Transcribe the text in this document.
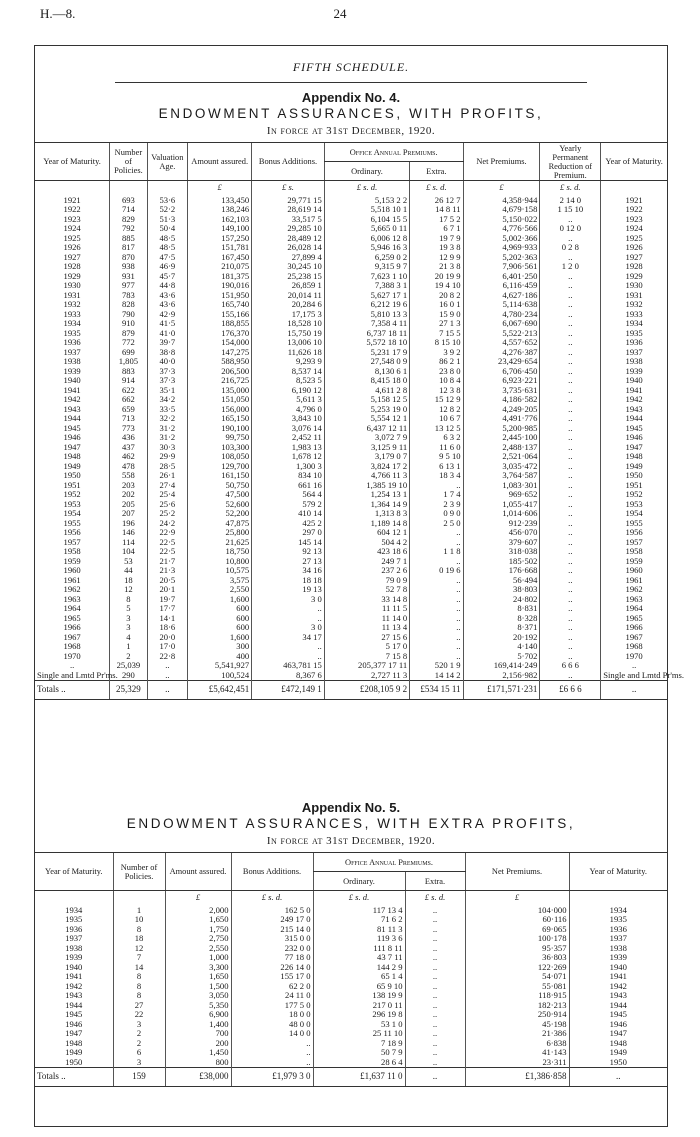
H.—8.	24
FIFTH SCHEDULE.
Appendix No. 4.
ENDOWMENT ASSURANCES, WITH PROFITS,
In force at 31st December, 1920.
Year of Maturity.	Number of Policies.	Valuation Age.	Amount assured.	Bonus Additions.	Office Annual Premiums.		Net Premiums.	Yearly Permanent Reduction of Premium.	Year of Maturity.
					Ordinary.	Extra.			
			£	£ s.	£ s. d.	£ s. d.	£	£ s. d.	
1921	693	53·6	133,450	29,771 15	5,153 2 2	26 12 7	4,358·944	2 14 0	1921
1922	714	52·2	138,246	28,619 14	5,518 10 1	14 8 11	4,679·158	1 15 10	1922
1923	829	51·3	162,103	33,517 5	6,104 15 5	17 5 2	5,150·022	..	1923
1924	792	50·4	149,100	29,285 10	5,665 0 11	6 7 1	4,776·566	0 12 0	1924
1925	885	48·5	157,250	28,489 12	6,006 12 8	19 7 9	5,002·366	..	1925
1926	817	48·5	151,781	26,028 14	5,946 16 3	19 3 8	4,969·933	0 2 8	1926
1927	870	47·5	167,450	27,899 4	6,259 0 2	12 9 9	5,202·363	..	1927
1928	938	46·9	210,075	30,245 10	9,315 9 7	21 3 8	7,906·561	1 2 0	1928
1929	931	45·7	181,375	25,238 15	7,623 1 10	20 19 9	6,401·250	..	1929
1930	977	44·8	190,016	26,859 1	7,388 3 1	19 4 10	6,116·459	..	1930
1931	783	43·6	151,950	20,014 11	5,627 17 1	20 8 2	4,627·186	..	1931
1932	828	43·6	165,740	20,284 6	6,212 19 6	16 0 1	5,114·638	..	1932
1933	790	42·9	155,166	17,175 3	5,810 13 3	15 9 0	4,780·234	..	1933
1934	910	41·5	188,855	18,528 10	7,358 4 11	27 1 3	6,067·690	..	1934
1935	879	41·0	176,370	15,750 19	6,737 18 11	7 15 5	5,522·213	..	1935
1936	772	39·7	154,000	13,006 10	5,572 18 10	8 15 10	4,557·652	..	1936
1937	699	38·8	147,275	11,626 18	5,231 17 9	3 9 2	4,276·387	..	1937
1938	1,805	40·0	588,950	9,293 9	27,548 0 9	86 2 1	23,429·654	..	1938
1939	883	37·3	206,500	8,537 14	8,130 6 1	23 8 0	6,706·450	..	1939
1940	914	37·3	216,725	8,523 5	8,415 18 0	10 8 4	6,923·221	..	1940
1941	622	35·1	135,000	6,190 12	4,611 2 8	12 3 8	3,735·631	..	1941
1942	662	34·2	151,050	5,611 3	5,158 12 5	15 12 9	4,186·582	..	1942
1943	659	33·5	156,000	4,796 0	5,253 19 0	12 8 2	4,249·205	..	1943
1944	713	32·2	165,150	3,843 10	5,554 12 1	10 6 7	4,491·776	..	1944
1945	773	31·2	190,100	3,076 14	6,437 12 11	13 12 5	5,200·985	..	1945
1946	436	31·2	99,750	2,452 11	3,072 7 9	6 3 2	2,445·100	..	1946
1947	437	30·3	103,300	1,983 13	3,125 9 11	11 6 0	2,488·137	..	1947
1948	462	29·9	108,050	1,678 12	3,179 0 7	9 5 10	2,521·064	..	1948
1949	478	28·5	129,700	1,300 3	3,824 17 2	6 13 1	3,035·472	..	1949
1950	558	26·1	161,150	834 10	4,766 11 3	18 3 4	3,764·587	..	1950
1951	203	27·4	50,750	661 16	1,385 19 10	..	1,083·301	..	1951
1952	202	25·4	47,500	564 4	1,254 13 1	1 7 4	969·652	..	1952
1953	205	25·6	52,600	579 2	1,364 14 9	2 3 9	1,055·417	..	1953
1954	207	25·2	52,200	410 14	1,313 8 3	0 9 0	1,014·606	..	1954
1955	196	24·2	47,875	425 2	1,189 14 8	2 5 0	912·239	..	1955
1956	146	22·9	25,800	297 0	604 12 1	..	456·070	..	1956
1957	114	22·5	21,625	145 14	504 4 2	..	379·607	..	1957
1958	104	22·5	18,750	92 13	423 18 6	1 1 8	318·038	..	1958
1959	53	21·7	10,800	27 13	249 7 1	..	185·502	..	1959
1960	44	21·3	10,575	34 16	237 2 6	0 19 6	176·668	..	1960
1961	18	20·5	3,575	18 18	79 0 9	..	56·494	..	1961
1962	12	20·1	2,550	19 13	52 7 8	..	38·803	..	1962
1963	8	19·7	1,600	3 0	33 14 8	..	24·802	..	1963
1964	5	17·7	600	..	11 11 5	..	8·831	..	1964
1965	3	14·1	600	..	11 14 0	..	8·328	..	1965
1966	3	18·6	600	3 0	11 13 4	..	8·371	..	1966
1967	4	20·0	1,600	34 17	27 15 6	..	20·192	..	1967
1968	1	17·0	300	..	5 17 0	..	4·140	..	1968
1970	2	22·8	400	..	7 15 8	..	5·702	..	1970
..	25,039	..	5,541,927	463,781 15	205,377 17 11	520 1 9	169,414·249	6 6 6	..
Single and Lmtd Pr'ms.	290	..	100,524	8,367 6	2,727 11 3	14 14 2	2,156·982	..	Single and Lmtd Pr'ms.
Totals ..	25,329	..	£5,642,451	£472,149 1	£208,105 9 2	£534 15 11	£171,571·231	£6 6 6	..
Appendix No. 5.
ENDOWMENT ASSURANCES, WITH EXTRA PROFITS,
In force at 31st December, 1920.
Year of Maturity.	Number of Policies.	Amount assured.	Bonus Additions.	Office Annual Premiums.		Net Premiums.	Year of Maturity.
				Ordinary.	Extra.		
		£	£ s. d.	£ s. d.	£ s. d.	£	
1934	1	2,000	162 5 0	117 13 4	..	104·000	1934
1935	10	1,650	249 17 0	71 6 2	..	60·116	1935
1936	8	1,750	215 14 0	81 11 3	..	69·065	1936
1937	18	2,750	315 0 0	119 3 6	..	100·178	1937
1938	12	2,550	232 0 0	111 8 11	..	95·357	1938
1939	7	1,000	77 18 0	43 7 11	..	36·803	1939
1940	14	3,300	226 14 0	144 2 9	..	122·269	1940
1941	8	1,650	155 17 0	65 1 4	..	54·071	1941
1942	8	1,500	62 2 0	65 9 10	..	55·081	1942
1943	8	3,050	24 11 0	138 19 9	..	118·915	1943
1944	27	5,350	177 5 0	217 0 11	..	182·213	1944
1945	22	6,900	18 0 0	296 19 8	..	250·914	1945
1946	3	1,400	48 0 0	53 1 0	..	45·198	1946
1947	2	700	14 0 0	25 11 10	..	21·386	1947
1948	2	200	..	7 18 9	..	6·838	1948
1949	6	1,450	..	50 7 9	..	41·143	1949
1950	3	800	..	28 6 4	..	23·311	1950
Totals ..	159	£38,000	£1,979 3 0	£1,637 11 0	..	£1,386·858	..
